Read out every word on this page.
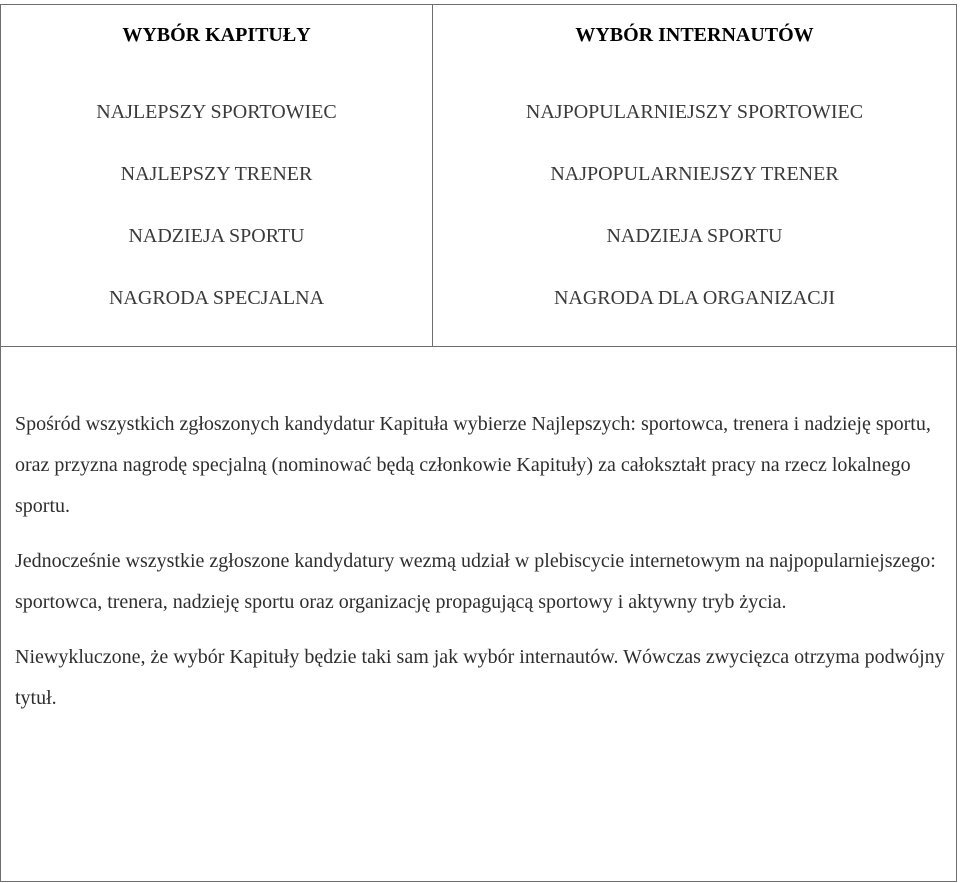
WYBÓR KAPITUŁY	WYBÓR INTERNAUTÓW
NAJLEPSZY SPORTOWIEC
NAJLEPSZY TRENER
NADZIEJA SPORTU
NAGRODA SPECJALNA
NAJPOPULARNIEJSZY SPORTOWIEC
NAJPOPULARNIEJSZY TRENER
NADZIEJA SPORTU
NAGRODA DLA ORGANIZACJI

Spośród wszystkich zgłoszonych kandydatur Kapituła wybierze Najlepszych: sportowca, trenera i nadzieję sportu, oraz przyzna nagrodę specjalną (nominować będą członkowie Kapituły) za całokształt pracy na rzecz lokalnego sportu.

Jednocześnie wszystkie zgłoszone kandydatury wezmą udział w plebiscycie internetowym na najpopularniejszego: sportowca, trenera, nadzieję sportu oraz organizację propagującą sportowy i aktywny tryb życia.

Niewykluczone, że wybór Kapituły będzie taki sam jak wybór internautów. Wówczas zwycięzca otrzyma podwójny tytuł.
